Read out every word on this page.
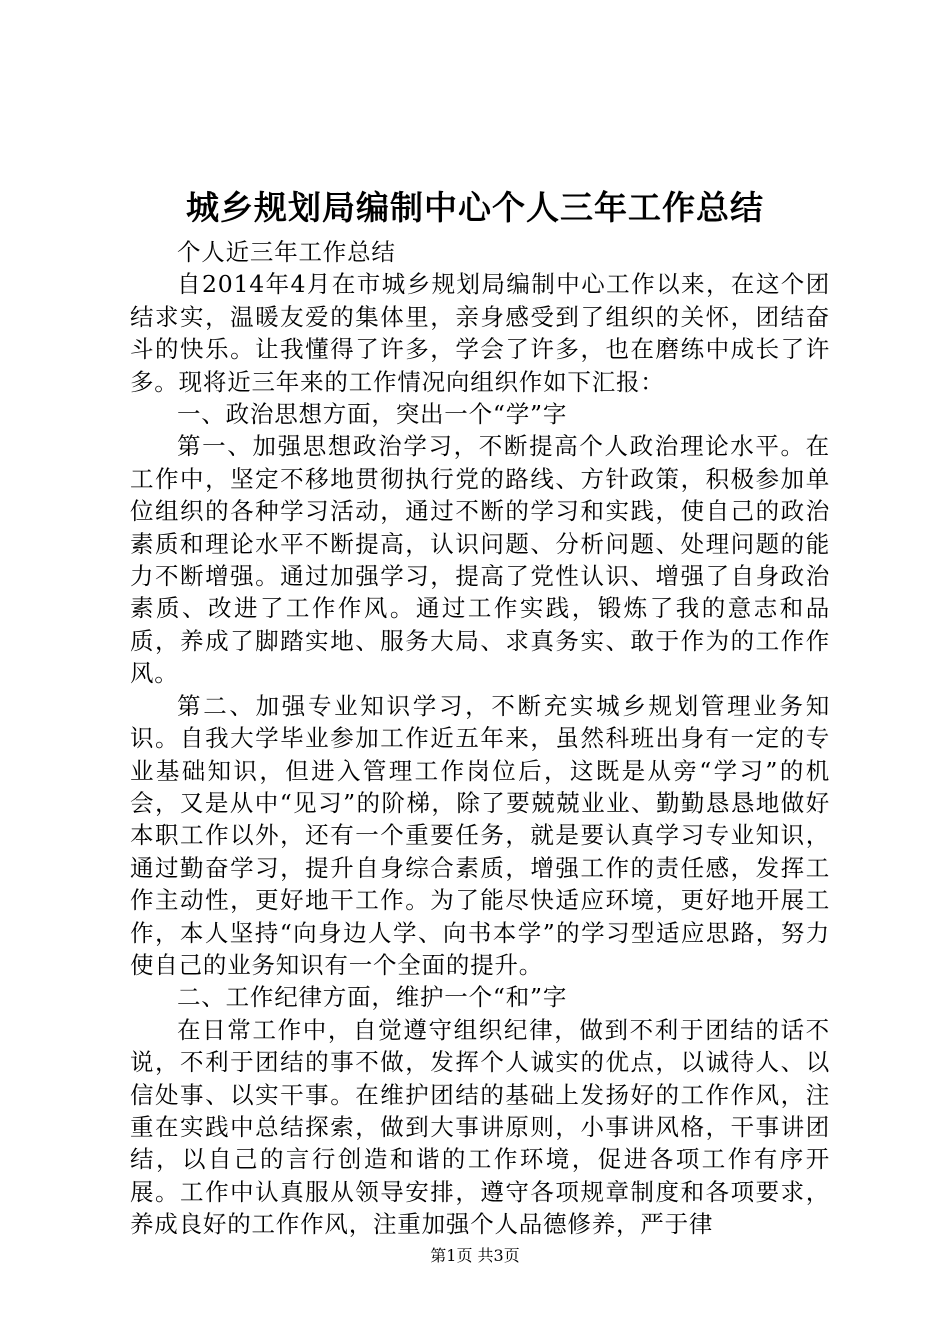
城乡规划局编制中心个人三年工作总结

个人近三年工作总结

自2014年4月在市城乡规划局编制中心工作以来，在这个团结求实，温暖友爱的集体里，亲身感受到了组织的关怀，团结奋斗的快乐。让我懂得了许多，学会了许多，也在磨练中成长了许多。现将近三年来的工作情况向组织作如下汇报：

一、政治思想方面，突出一个“学”字

第一、加强思想政治学习，不断提高个人政治理论水平。在工作中，坚定不移地贯彻执行党的路线、方针政策，积极参加单位组织的各种学习活动，通过不断的学习和实践，使自己的政治素质和理论水平不断提高，认识问题、分析问题、处理问题的能力不断增强。通过加强学习，提高了党性认识、增强了自身政治素质、改进了工作作风。通过工作实践，锻炼了我的意志和品质，养成了脚踏实地、服务大局、求真务实、敢于作为的工作作风。

第二、加强专业知识学习，不断充实城乡规划管理业务知识。自我大学毕业参加工作近五年来，虽然科班出身有一定的专业基础知识，但进入管理工作岗位后，这既是从旁“学习”的机会，又是从中“见习”的阶梯，除了要兢兢业业、勤勤恳恳地做好本职工作以外，还有一个重要任务，就是要认真学习专业知识，通过勤奋学习，提升自身综合素质，增强工作的责任感，发挥工作主动性，更好地干工作。为了能尽快适应环境，更好地开展工作，本人坚持“向身边人学、向书本学”的学习型适应思路，努力使自己的业务知识有一个全面的提升。

二、工作纪律方面，维护一个“和”字

在日常工作中，自觉遵守组织纪律，做到不利于团结的话不说，不利于团结的事不做，发挥个人诚实的优点，以诚待人、以信处事、以实干事。在维护团结的基础上发扬好的工作作风，注重在实践中总结探索，做到大事讲原则，小事讲风格，干事讲团结，以自己的言行创造和谐的工作环境，促进各项工作有序开展。工作中认真服从领导安排，遵守各项规章制度和各项要求，养成良好的工作作风，注重加强个人品德修养，严于律

第1页 共3页
